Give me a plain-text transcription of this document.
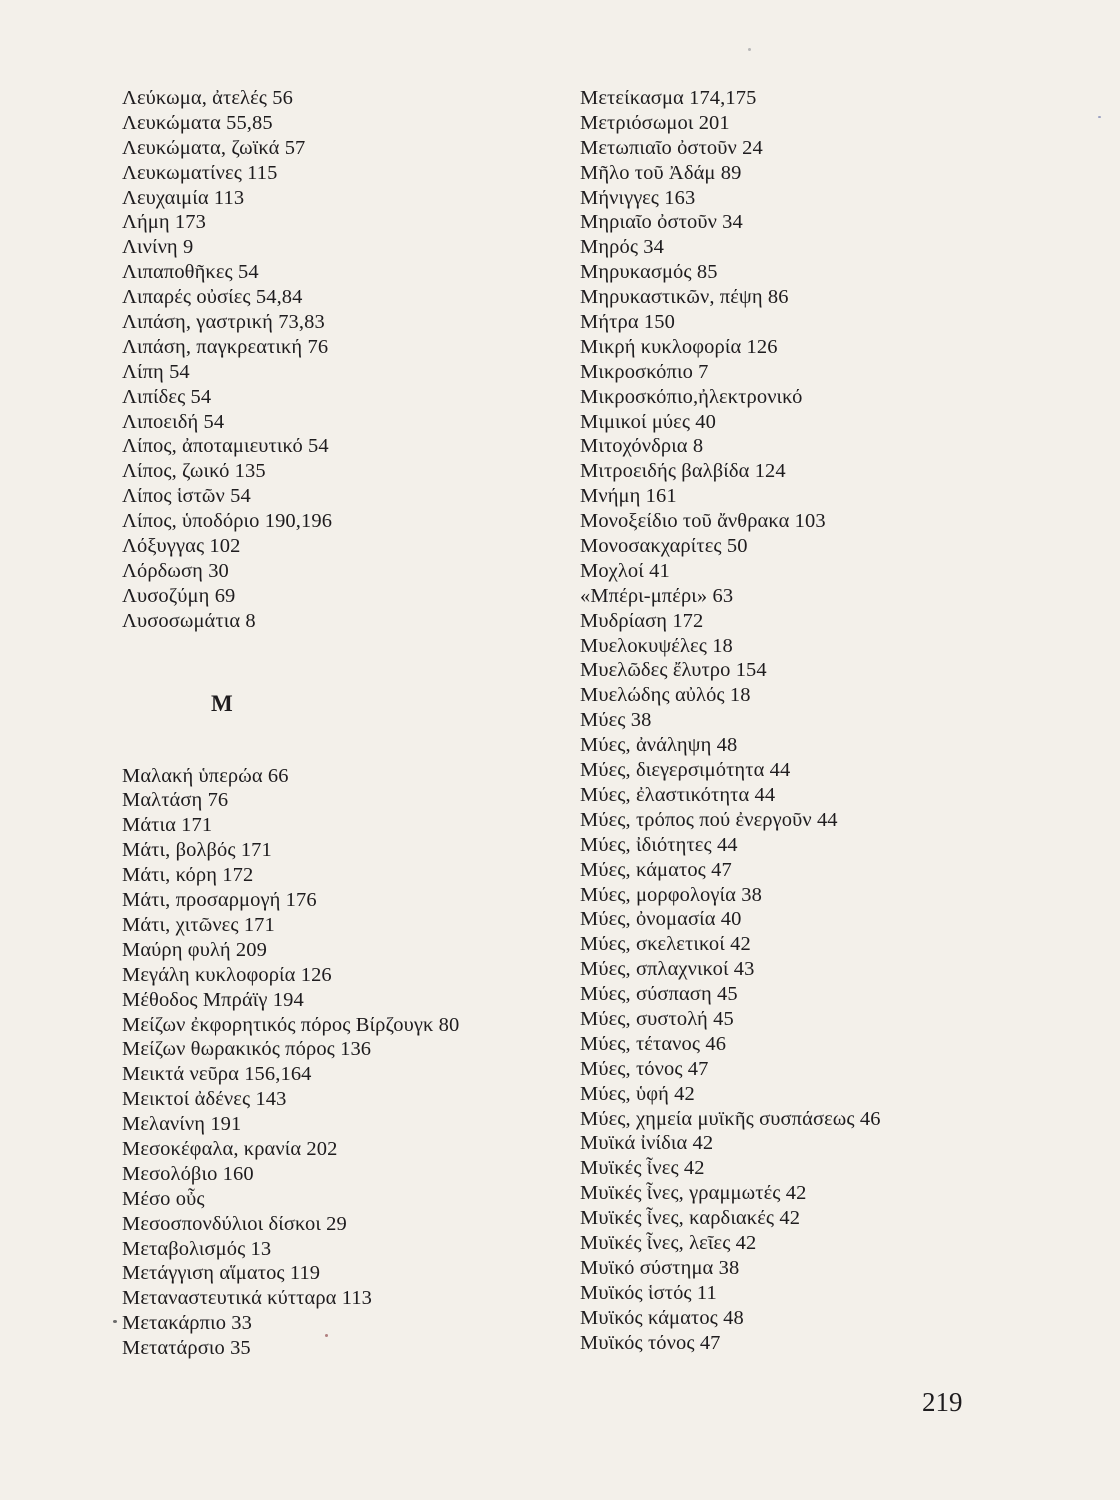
Λεύκωμα, ἀτελές 56
Λευκώματα 55,85
Λευκώματα, ζωϊκά 57
Λευκωματίνες 115
Λευχαιμία 113
Λήμη 173
Λινίνη 9
Λιπαποθῆκες 54
Λιπαρές οὐσίες 54,84
Λιπάση, γαστρική 73,83
Λιπάση, παγκρεατική 76
Λίπη 54
Λιπίδες 54
Λιποειδή 54
Λίπος, ἀποταμιευτικό 54
Λίπος, ζωικό 135
Λίπος ἱστῶν 54
Λίπος, ὑποδόριο 190,196
Λόξυγγας 102
Λόρδωση 30
Λυσοζύμη 69
Λυσοσωμάτια 8
Μ
Μαλακή ὑπερώα 66
Μαλτάση 76
Μάτια 171
Μάτι, βολβός 171
Μάτι, κόρη 172
Μάτι, προσαρμογή 176
Μάτι, χιτῶνες 171
Μαύρη φυλή 209
Μεγάλη κυκλοφορία 126
Μέθοδος Μπράϊγ 194
Μείζων ἐκφορητικός πόρος Βίρζουγκ 80
Μείζων θωρακικός πόρος 136
Μεικτά νεῦρα 156,164
Μεικτοί ἀδένες 143
Μελανίνη 191
Μεσοκέφαλα, κρανία 202
Μεσολόβιο 160
Μέσο οὖς
Μεσοσπονδύλιοι δίσκοι 29
Μεταβολισμός 13
Μετάγγιση αἵματος 119
Μεταναστευτικά κύτταρα 113
Μετακάρπιο 33
Μετατάρσιο 35
Μετείκασμα 174,175
Μετριόσωμοι 201
Μετωπιαῖο ὀστοῦν 24
Μῆλο τοῦ Ἀδάμ 89
Μήνιγγες 163
Μηριαῖο ὀστοῦν 34
Μηρός 34
Μηρυκασμός 85
Μηρυκαστικῶν, πέψη 86
Μήτρα 150
Μικρή κυκλοφορία 126
Μικροσκόπιο 7
Μικροσκόπιο,ἠλεκτρονικό
Μιμικοί μύες 40
Μιτοχόνδρια 8
Μιτροειδής βαλβίδα 124
Μνήμη 161
Μονοξείδιο τοῦ ἄνθρακα 103
Μονοσακχαρίτες 50
Μοχλοί 41
«Μπέρι-μπέρι» 63
Μυδρίαση 172
Μυελοκυψέλες 18
Μυελῶδες ἔλυτρο 154
Μυελώδης αὐλός 18
Μύες 38
Μύες, ἀνάληψη 48
Μύες, διεγερσιμότητα 44
Μύες, ἐλαστικότητα 44
Μύες, τρόπος πού ἐνεργοῦν 44
Μύες, ἰδιότητες 44
Μύες, κάματος 47
Μύες, μορφολογία 38
Μύες, ὀνομασία 40
Μύες, σκελετικοί 42
Μύες, σπλαχνικοί 43
Μύες, σύσπαση 45
Μύες, συστολή 45
Μύες, τέτανος 46
Μύες, τόνος 47
Μύες, ὑφή 42
Μύες, χημεία μυϊκῆς συσπάσεως 46
Μυϊκά ἰνίδια 42
Μυϊκές ἶνες 42
Μυϊκές ἶνες, γραμμωτές 42
Μυϊκές ἶνες, καρδιακές 42
Μυϊκές ἶνες, λεῖες 42
Μυϊκό σύστημα 38
Μυϊκός ἱστός 11
Μυϊκός κάματος 48
Μυϊκός τόνος 47
219
